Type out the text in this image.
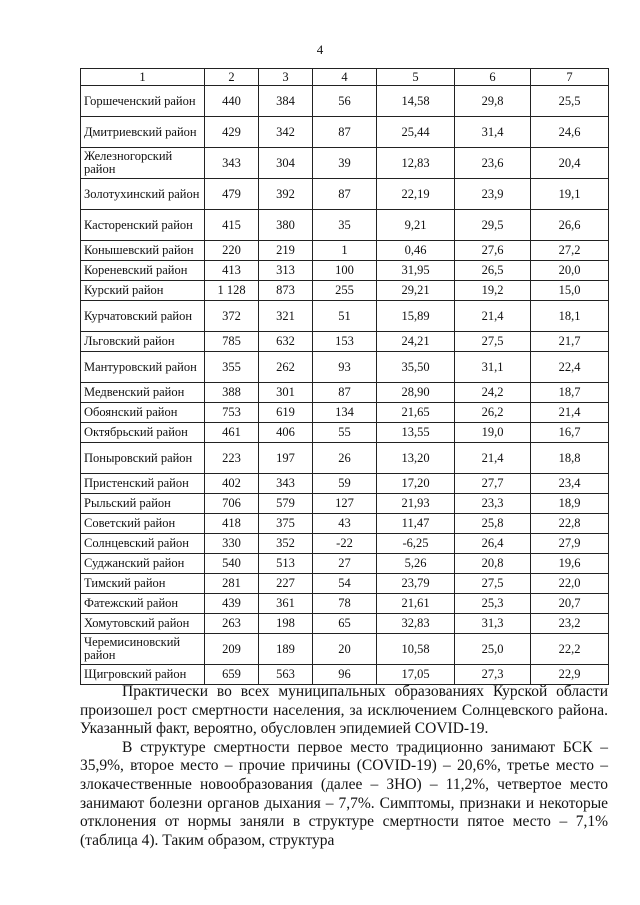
4
1	2	3	4	5	6	7
Горшеченский район	440	384	56	14,58	29,8	25,5
Дмитриевский район	429	342	87	25,44	31,4	24,6
Железногорский район	343	304	39	12,83	23,6	20,4
Золотухинский район	479	392	87	22,19	23,9	19,1
Касторенский район	415	380	35	9,21	29,5	26,6
Конышевский район	220	219	1	0,46	27,6	27,2
Кореневский район	413	313	100	31,95	26,5	20,0
Курский район	1 128	873	255	29,21	19,2	15,0
Курчатовский район	372	321	51	15,89	21,4	18,1
Льговский район	785	632	153	24,21	27,5	21,7
Мантуровский район	355	262	93	35,50	31,1	22,4
Медвенский район	388	301	87	28,90	24,2	18,7
Обоянский район	753	619	134	21,65	26,2	21,4
Октябрьский район	461	406	55	13,55	19,0	16,7
Поныровский район	223	197	26	13,20	21,4	18,8
Пристенский район	402	343	59	17,20	27,7	23,4
Рыльский район	706	579	127	21,93	23,3	18,9
Советский район	418	375	43	11,47	25,8	22,8
Солнцевский район	330	352	-22	-6,25	26,4	27,9
Суджанский район	540	513	27	5,26	20,8	19,6
Тимский район	281	227	54	23,79	27,5	22,0
Фатежский район	439	361	78	21,61	25,3	20,7
Хомутовский район	263	198	65	32,83	31,3	23,2
Черемисиновский район	209	189	20	10,58	25,0	22,2
Щигровский район	659	563	96	17,05	27,3	22,9

Практически во всех муниципальных образованиях Курской области произошел рост смертности населения, за исключением Солнцевского района. Указанный факт, вероятно, обусловлен эпидемией COVID-19.

В структуре смертности первое место традиционно занимают БСК – 35,9%, второе место – прочие причины (COVID-19) – 20,6%, третье место – злокачественные новообразования (далее – ЗНО) – 11,2%, четвертое место занимают болезни органов дыхания – 7,7%. Симптомы, признаки и некоторые отклонения от нормы заняли в структуре смертности пятое место – 7,1% (таблица 4). Таким образом, структура
